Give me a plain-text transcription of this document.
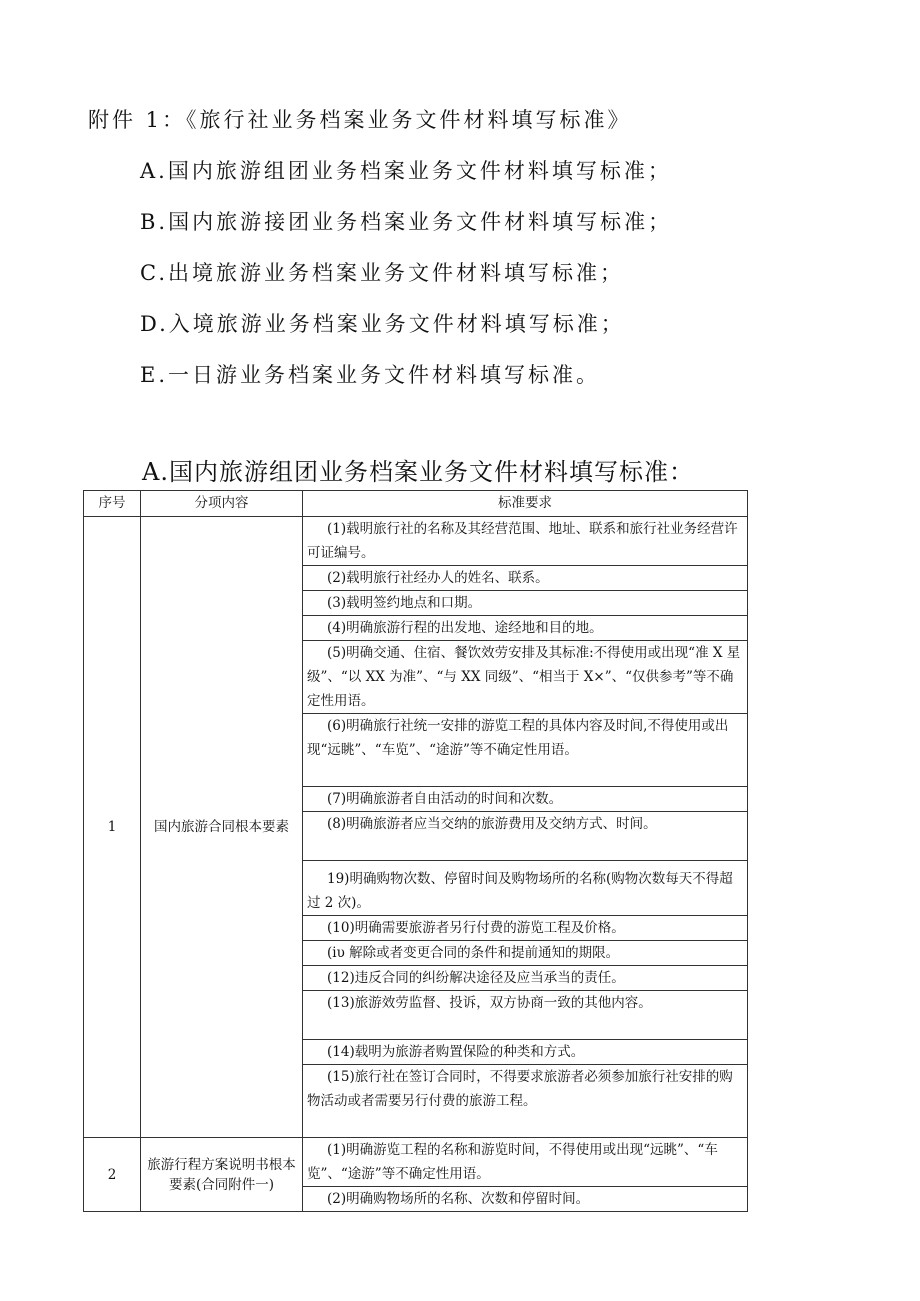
附件 1：《旅行社业务档案业务文件材料填写标准》
A.国内旅游组团业务档案业务文件材料填写标准；
B.国内旅游接团业务档案业务文件材料填写标准；
C.出境旅游业务档案业务文件材料填写标准；
D.入境旅游业务档案业务文件材料填写标准；
E.一日游业务档案业务文件材料填写标准。
A.国内旅游组团业务档案业务文件材料填写标准：
序号	分项内容	标准要求
1	国内旅游合同根本要素	(1)载明旅行社的名称及其经营范围、地址、联系和旅行社业务经营许可证编号。

		(2)载明旅行社经办人的姓名、联系。

		(3)载明签约地点和口期。

		(4)明确旅游行程的出发地、途经地和目的地。

		(5)明确交通、住宿、餐饮效劳安排及其标准:不得使用或出现“准 X 星级”、“以 XX 为准”、“与 XX 同级”、“相当于 X×”、“仅供参考”等不确定性用语。

		(6)明确旅行社统一安排的游览工程的具体内容及时间,不得使用或出现“远眺”、“车览”、“途游”等不确定性用语。

		(7)明确旅游者自由活动的时间和次数。

		(8)明确旅游者应当交纳的旅游费用及交纳方式、时间。

		19)明确购物次数、停留时间及购物场所的名称(购物次数每天不得超过 2 次)。

		(10)明确需要旅游者另行付费的游览工程及价格。

		(iυ 解除或者变更合同的条件和提前通知的期限。

		(12)违反合同的纠纷解决途径及应当承当的责任。

		(13)旅游效劳监督、投诉，双方协商一致的其他内容。

		(14)载明为旅游者购置保险的种类和方式。

		(15)旅行社在签订合同时，不得要求旅游者必须参加旅行社安排的购物活动或者需要另行付费的旅游工程。

2	旅游行程方案说明书根本要素(合同附件一)	(1)明确游览工程的名称和游览时间，不得使用或出现“远眺”、“车览”、“途游”等不确定性用语。

		(2)明确购物场所的名称、次数和停留时间。
